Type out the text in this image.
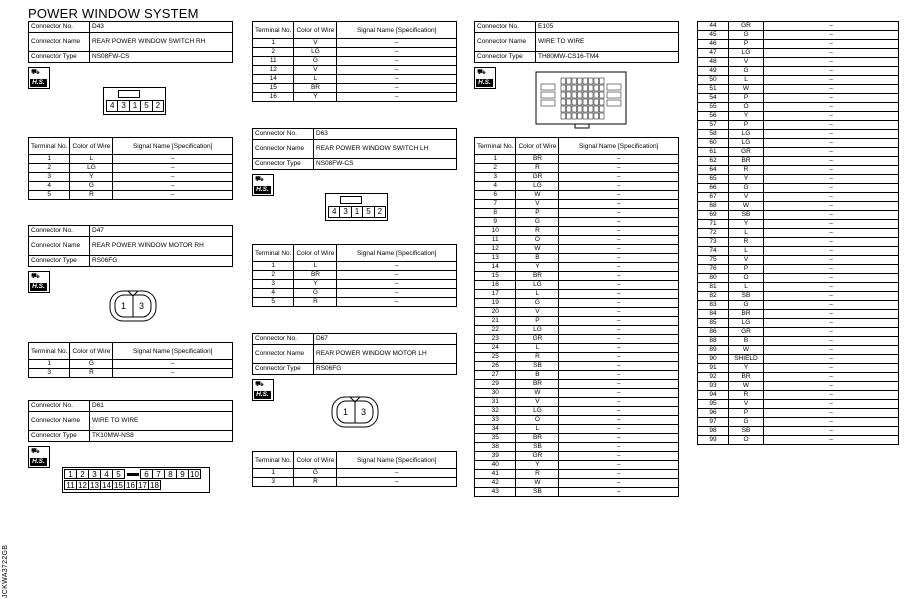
POWER WINDOW SYSTEM
Connector No.	D43
Connector Name	REAR POWER WINDOW SWITCH RH
Connector Type	NS08FW-CS
⛟
H.S.
4 3 1 5 2
Terminal No.	Color of Wire	Signal Name [Specification]
1	L	–
2	LG	–
3	Y	–
4	G	–
5	R	–
Connector No.	D47
Connector Name	REAR POWER WINDOW MOTOR RH
Connector Type	RS06FG
⛟
H.S.
1 3
Terminal No.	Color of Wire	Signal Name [Specification]
1	G	–
3	R	–
Connector No.	D61
Connector Name	WIRE TO WIRE
Connector Type	TK10MW-NS8
⛟
H.S.
1 2 3 4 5	6 7 8 9 10
11 12 13 14 15 16 17 18
Terminal No.	Color of Wire	Signal Name [Specification]
1	V	–
2	LG	–
11	G	–
12	V	–
14	L	–
15	BR	–
16	Y	–
Connector No.	D63
Connector Name	REAR POWER WINDOW SWITCH LH
Connector Type	NS08FW-CS
⛟
H.S.
4 3 1 5 2
Terminal No.	Color of Wire	Signal Name [Specification]
1	L	–
2	BR	–
3	Y	–
4	G	–
5	R	–
Connector No.	D67
Connector Name	REAR POWER WINDOW MOTOR LH
Connector Type	RS06FG
⛟
H.S.
1 3
Terminal No.	Color of Wire	Signal Name [Specification]
1	G	–
3	R	–
Connector No.	E105
Connector Name	WIRE TO WIRE
Connector Type	TH80MW-CS16-TM4
⛟
H.S.
Terminal No.	Color of Wire	Signal Name [Specification]
1	BR	–
2	R	–
3	GR	–
4	LG	–
6	W	–
7	V	–
8	P	–
9	G	–
10	R	–
11	O	–
12	W	–
13	B	–
14	Y	–
15	BR	–
16	LG	–
17	L	–
19	G	–
20	V	–
21	P	–
22	LG	–
23	GR	–
24	L	–
25	R	–
26	SB	–
27	B	–
29	BR	–
30	W	–
31	V	–
32	LG	–
33	O	–
34	L	–
35	BR	–
38	SB	–
39	GR	–
40	Y	–
41	R	–
42	W	–
43	SB	–
44	GR	–
45	G	–
46	P	–
47	LG	–
48	V	–
49	G	–
50	L	–
51	W	–
54	P	–
55	O	–
56	Y	–
57	P	–
58	LG	–
60	LG	–
61	GR	–
62	BR	–
64	R	–
65	Y	–
66	G	–
67	V	–
68	W	–
69	SB	–
71	Y	–
72	L	–
73	R	–
74	L	–
75	V	–
76	P	–
80	O	–
81	L	–
82	SB	–
83	G	–
84	BR	–
85	LG	–
86	GR	–
88	B	–
89	W	–
90	SHIELD	–
91	Y	–
92	BR	–
93	W	–
94	R	–
95	V	–
96	P	–
97	G	–
98	SB	–
99	O	–
JCKWA3722GB
